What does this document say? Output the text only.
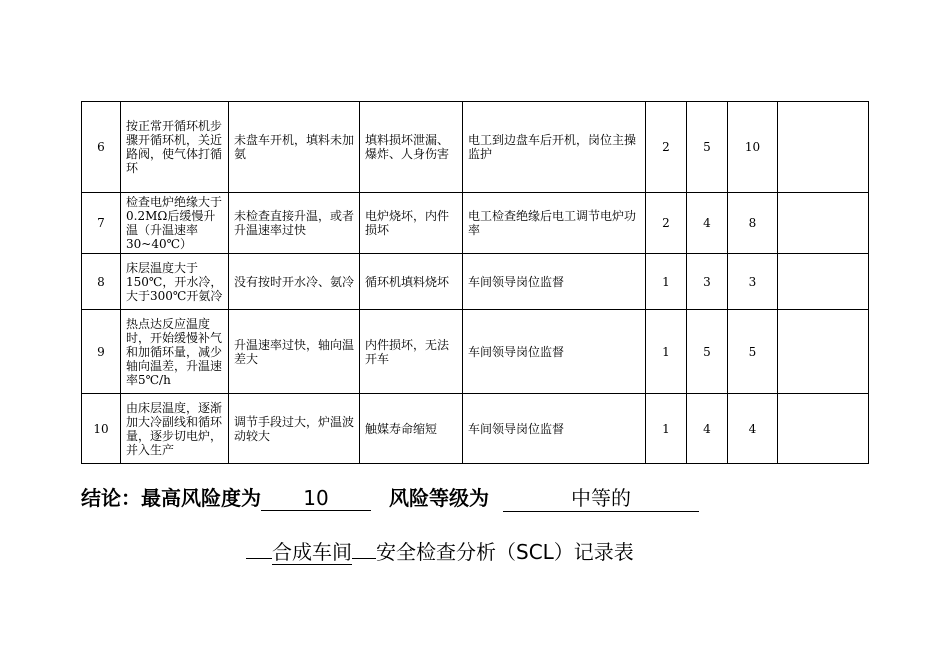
6	按正常开循环机步骤开循环机，关近路阀，使气体打循环	未盘车开机，填料未加氨	填料损坏泄漏、爆炸、人身伤害	电工到边盘车后开机，岗位主操监护	2	5	10	
7	检查电炉绝缘大于0.2MΩ后缓慢升温（升温速率30~40℃）	未检查直接升温，或者升温速率过快	电炉烧坏，内件损坏	电工检查绝缘后电工调节电炉功率	2	4	8	
8	床层温度大于150℃，开水冷，大于300℃开氨冷	没有按时开水冷、氨冷	循环机填料烧坏	车间领导岗位监督	1	3	3	
9	热点达反应温度时，开始缓慢补气和加循环量，减少轴向温差，升温速率5℃/h	升温速率过快，轴向温差大	内件损坏，无法开车	车间领导岗位监督	1	5	5	
10	由床层温度，逐渐加大冷副线和循环量，逐步切电炉，并入生产	调节手段过大，炉温波动较大	触媒寿命缩短	车间领导岗位监督	1	4	4	
结论：最高风险度为 10	风险等级为	中等的
合成车间 安全检查分析（SCL）记录表
